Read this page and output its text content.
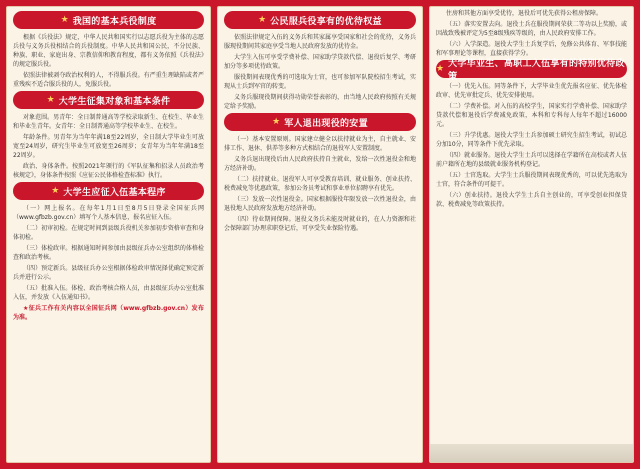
★ 我国的基本兵役制度

根据《兵役法》规定，中华人民共和国实行以志愿兵役为主体的志愿兵役与义务兵役相结合的兵役制度。中华人民共和国公民，不分民族、种族、职业、家庭出身、宗教信仰和教育程度，都有义务依照《兵役法》的规定服兵役。

依照法律被剥夺政治权利的人，不得服兵役。有严重生理缺陷或者严重残疾不适合服兵役的人，免服兵役。

★ 大学生征集对象和基本条件

对象范围。男青年：全日制普通高等学校录取新生、在校生、毕业生和毕业生青年。女青年：全日制普通高等学校毕业生、在校生。

年龄条件。男青年为当年年满18至22周岁，全日制大学毕业生可放宽至24周岁，研究生毕业生可放宽至26周岁；女青年为当年年满18至22周岁。

政治、身体条件。按照2021年颁行的《军队征集和招录人员政治考核规定》，身体条件按照《应征公民体格检查标准》执行。

★ 大学生应征入伍基本程序

（一）网上报名。在每年1月1日至8月5日登录全国征兵网（www.gfbzb.gov.cn）填写个人基本信息，报名应征入伍。

（二）初审初检。在规定时间到县级兵役机关参加初步资格审查和身体初检。

（三）体检政审。根据通知时间参加由县级征兵办公室组织的体格检查和政治考核。

（四）预定新兵。县级征兵办公室根据体检政审情况择优确定预定新兵并进行公示。

（五）批准入伍。体检、政治考核合格人员，由县级征兵办公室批准入伍，并发放《入伍通知书》。

★征兵工作有关内容以全国征兵网（www.gfbzb.gov.cn）发布为准。

★ 公民服兵役享有的优待权益

依照法律规定入伍的义务兵和其家属享受国家和社会的优待，义务兵服现役期间其家庭享受当地人民政府发放的优待金。

大学生入伍可享受学费补偿、国家助学贷款代偿、退役后复学、考研加分等多项优待政策。

服役期间表现优秀的可选取为士官，也可参加军队院校招生考试，实现从士兵到军官的转变。

义务兵服现役期间获得功勋荣誉表彰的，由当地人民政府按照有关规定给予奖励。

★ 军人退出现役的安置

（一）基本安置原则。国家建立健全以扶持就业为主，自主就业、安排工作、退休、供养等多种方式相结合的退役军人安置制度。

义务兵退出现役后由人民政府扶持自主就业，发给一次性退役金和地方经济补助。

（二）扶持就业。退役军人可享受教育培训、就业服务、创业扶持、税费减免等优惠政策，参加公务员考试和事业单位招聘享有优先。

（三）发放一次性退役金。国家根据服役年限发放一次性退役金，由退役地人民政府发放地方经济补助。

（四）待业期间保障。退役义务兵未能及时就业的，在人力资源和社会保障部门办理求职登记后，可享受失业保险待遇。

住房和其他方面享受优待，退役后可优先获得公租房保障。

（五）落实安置去向。退役士兵在服役期间荣获二等功以上奖励，或因战致残被评定为5至8级残疾等级的，由人民政府安排工作。

（六）入学深造。退役大学生士兵复学后，免修公共体育、军事技能和军事理论等课程，直接获得学分。

★ 大学毕业生、高职工入伍享有的特别优待政策

（一）优先入伍。同等条件下，大学毕业生优先报名应征、优先体检政审、优先审批定兵、优先安排使用。

（二）学费补偿。对入伍的高校学生，国家实行学费补偿、国家助学贷款代偿和退役后学费减免政策，本科和专科每人每年不超过16000元。

（三）升学优惠。退役大学生士兵参加硕士研究生招生考试，初试总分加10分，同等条件下优先录取。

（四）就业服务。退役大学生士兵可以选择在学籍所在高校或者人伍前户籍所在地的县级就业服务机构登记。

（五）士官选取。大学生士兵服役期间表现优秀的，可以优先选取为士官，符合条件的可提干。

（六）创业扶持。退役大学生士兵自主创业的，可享受创业担保贷款、税费减免等政策扶持。
